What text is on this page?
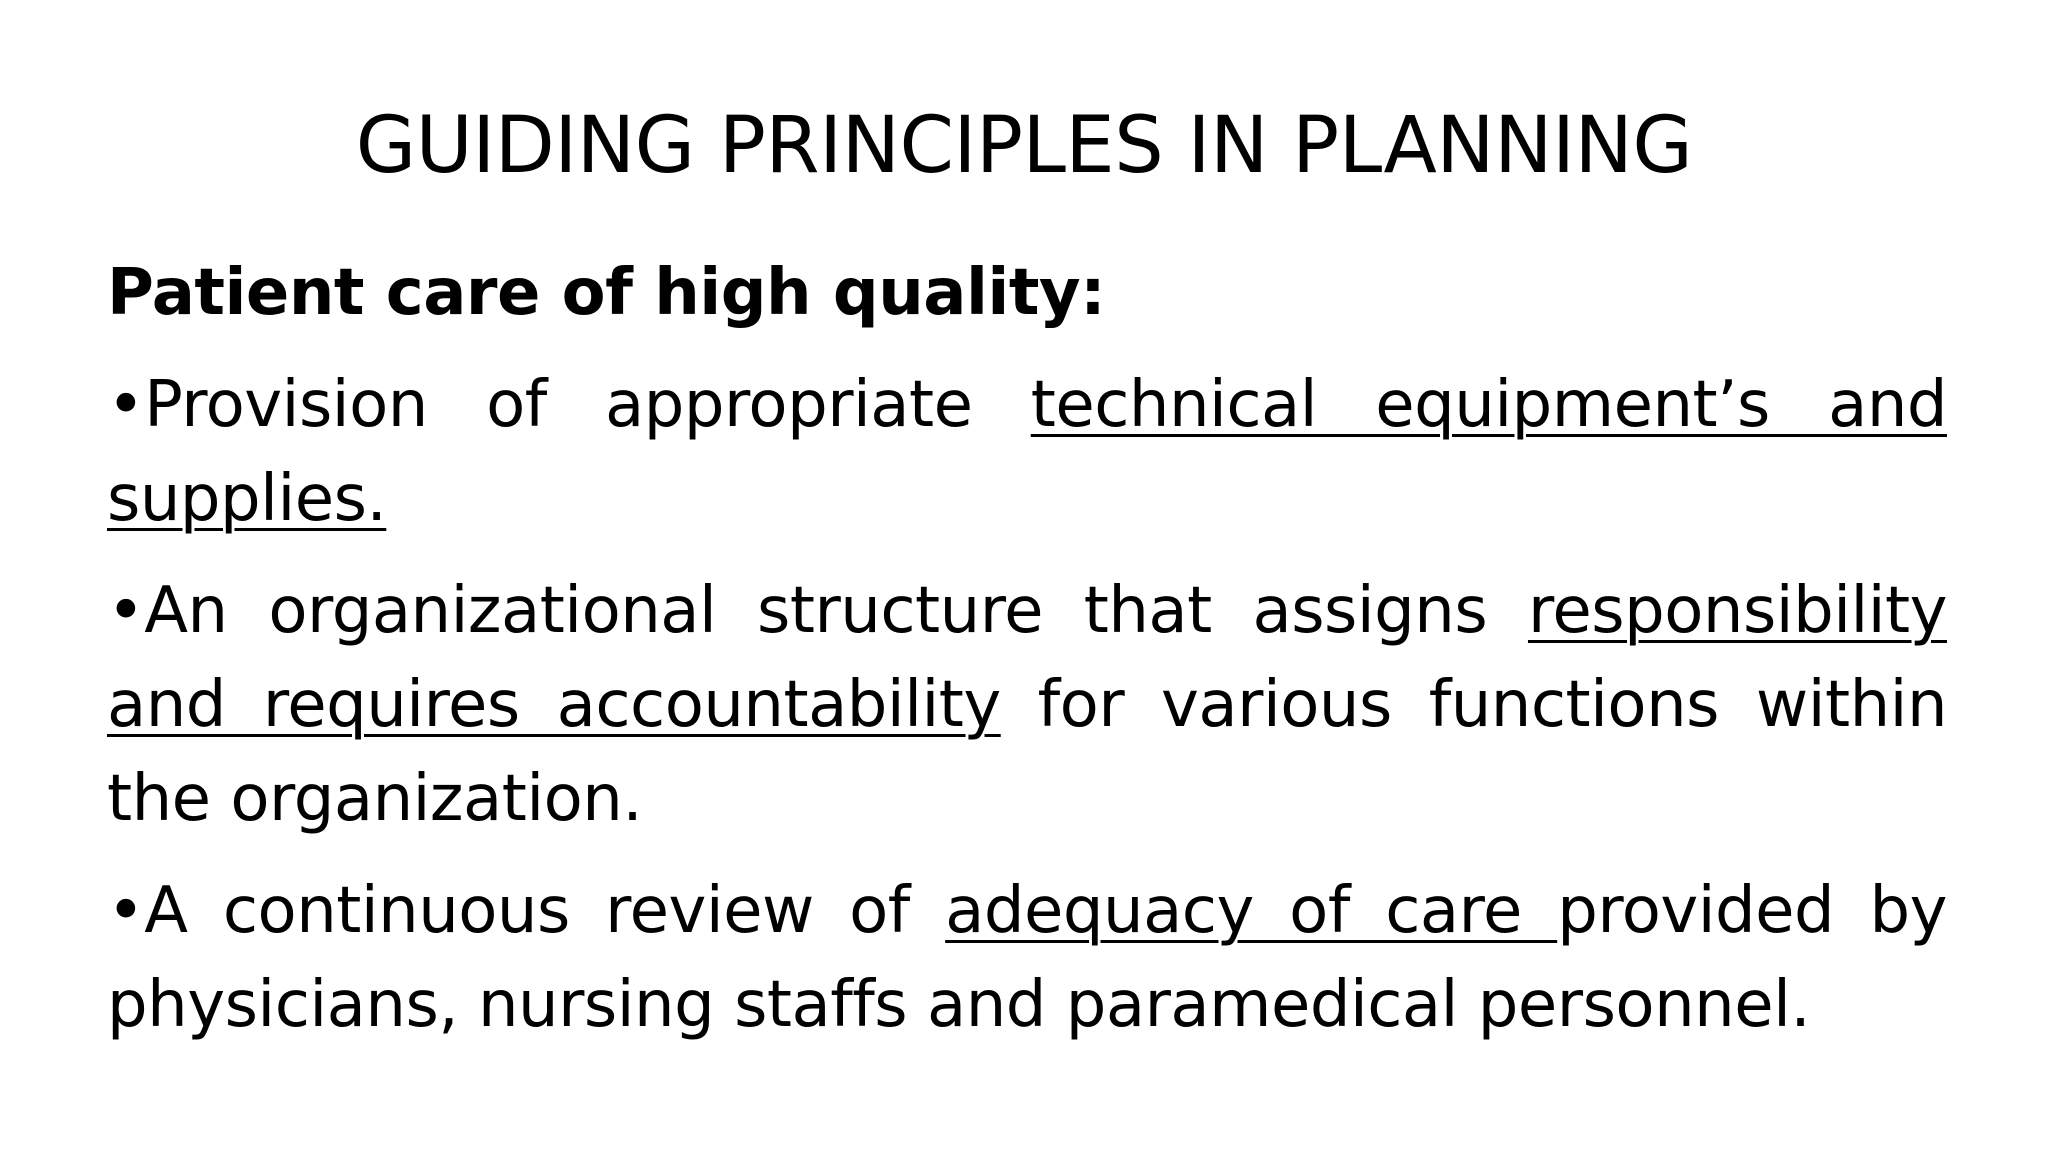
GUIDING PRINCIPLES IN PLANNING

Patient care of high quality:

•Provision of appropriate technical equipment’s and supplies.

•An organizational structure that assigns responsibility and requires accountability for various functions within the organization.

•A continuous review of adequacy of care provided by physicians, nursing staffs and paramedical personnel.
